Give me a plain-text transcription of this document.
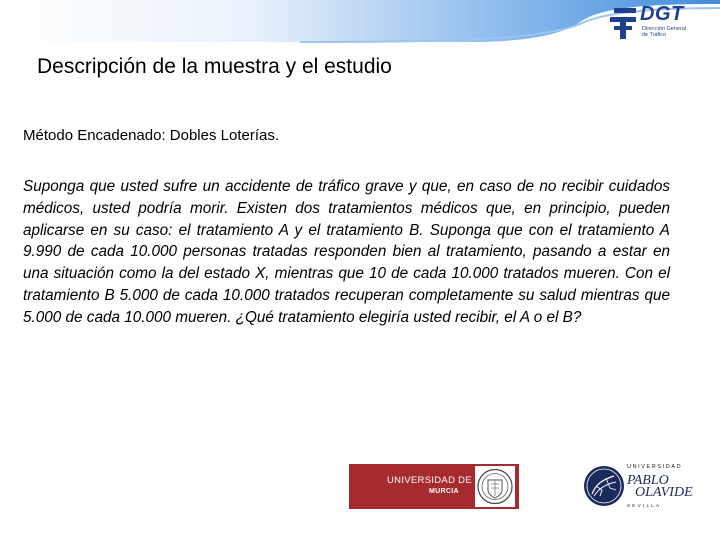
DGT
Dirección General
de Tráfico
Descripción de la muestra y el estudio
Método Encadenado: Dobles Loterías.

Suponga que usted sufre un accidente de tráfico grave y que, en caso de no recibir cuidados médicos, usted podría morir. Existen dos tratamientos médicos que, en principio, pueden aplicarse en su caso: el tratamiento A y el tratamiento B. Suponga que con el tratamiento A 9.990 de cada 10.000 personas tratadas responden bien al tratamiento, pasando a estar en una situación como la del estado X, mientras que 10 de cada 10.000 tratados mueren. Con el tratamiento B 5.000 de cada 10.000 tratados recuperan completamente su salud mientras que 5.000 de cada 10.000 mueren. ¿Qué tratamiento elegiría usted recibir, el A o el B?

UNIVERSIDAD DE
MURCIA
UNIVERSIDAD
PABLO
OLAVIDE
SEVILLA
